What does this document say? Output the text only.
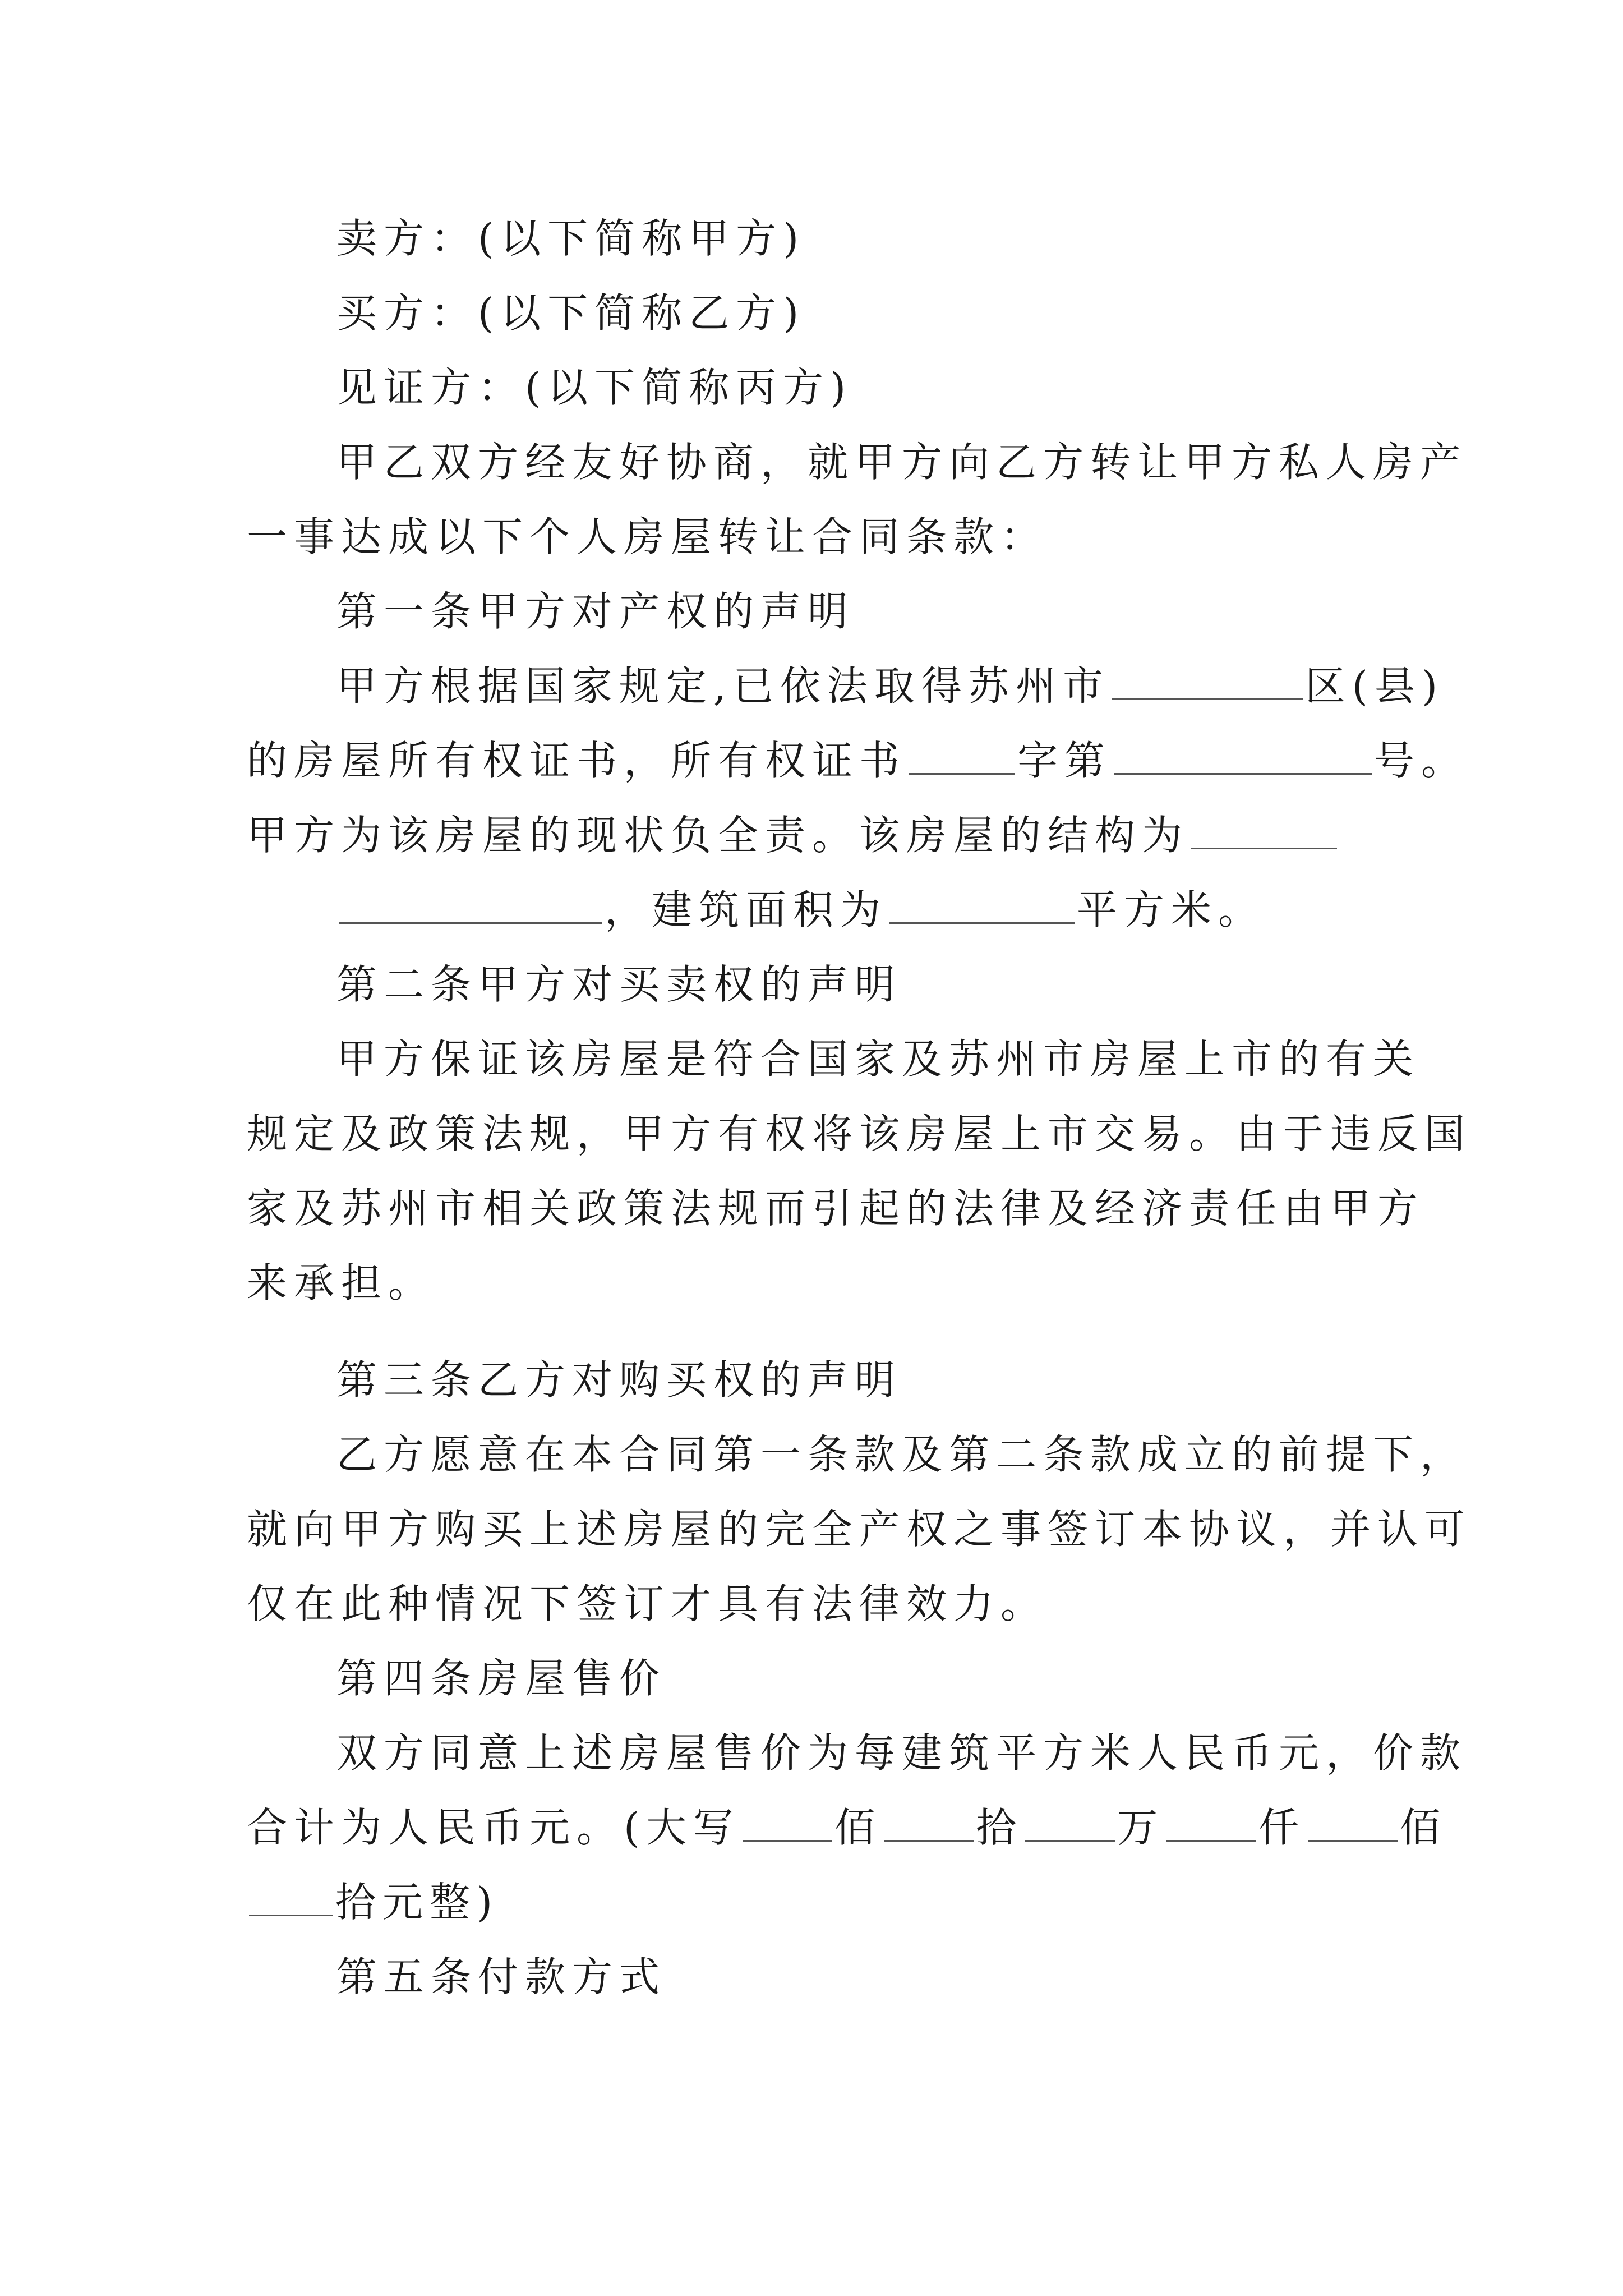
卖方：(以下简称甲方)
买方：(以下简称乙方)
见证方：(以下简称丙方)
甲乙双方经友好协商，就甲方向乙方转让甲方私人房产
一事达成以下个人房屋转让合同条款：
第一条甲方对产权的声明
甲方根据国家规定,已依法取得苏州市	区(县)
的房屋所有权证书，所有权证书	字第	号。
甲方为该房屋的现状负全责。该房屋的结构为
，建筑面积为	平方米。
第二条甲方对买卖权的声明
甲方保证该房屋是符合国家及苏州市房屋上市的有关
规定及政策法规，甲方有权将该房屋上市交易。由于违反国
家及苏州市相关政策法规而引起的法律及经济责任由甲方
来承担。
第三条乙方对购买权的声明
乙方愿意在本合同第一条款及第二条款成立的前提下，
就向甲方购买上述房屋的完全产权之事签订本协议，并认可
仅在此种情况下签订才具有法律效力。
第四条房屋售价
双方同意上述房屋售价为每建筑平方米人民币元，价款
合计为人民币元。(大写 佰 拾 万 仟 佰
拾元整)
第五条付款方式
